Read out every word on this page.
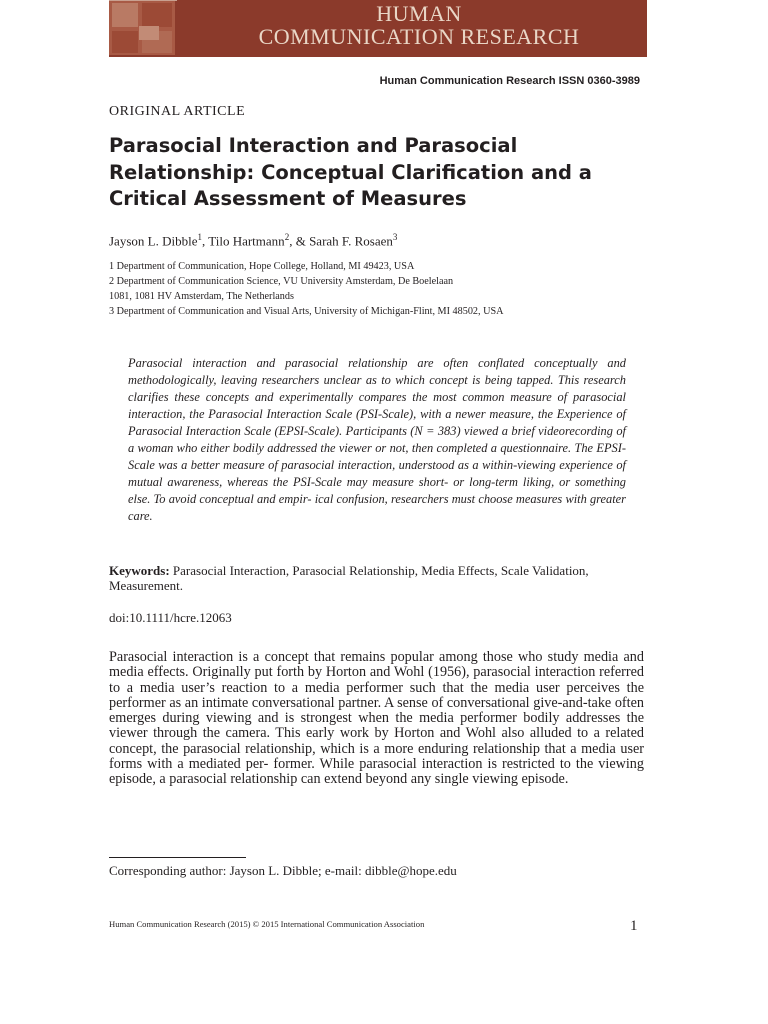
HUMAN
COMMUNICATION RESEARCH
Human Communication Research ISSN 0360-3989
ORIGINAL ARTICLE
Parasocial Interaction and Parasocial Relationship: Conceptual Clarification and a Critical Assessment of Measures
Jayson L. Dibble$^1$, Tilo Hartmann$^2$, & Sarah F. Rosaen$^3$
1 Department of Communication, Hope College, Holland, MI 49423, USA
2 Department of Communication Science, VU University Amsterdam, De Boelelaan
1081, 1081 HV Amsterdam, The Netherlands
3 Department of Communication and Visual Arts, University of Michigan-Flint, MI 48502, USA
Parasocial interaction and parasocial relationship are often conflated conceptually and methodologically, leaving researchers unclear as to which concept is being tapped. This research clarifies these concepts and experimentally compares the most common measure of parasocial interaction, the Parasocial Interaction Scale (PSI-Scale), with a newer measure, the Experience of Parasocial Interaction Scale (EPSI-Scale). Participants (N = 383) viewed a brief videorecording of a woman who either bodily addressed the viewer or not, then completed a questionnaire. The EPSI-Scale was a better measure of parasocial interaction, understood as a within-viewing experience of mutual awareness, whereas the PSI-Scale may measure short- or long-term liking, or something else. To avoid conceptual and empir- ical confusion, researchers must choose measures with greater care.
Keywords: Parasocial Interaction, Parasocial Relationship, Media Effects, Scale Validation, Measurement.
doi:10.1111/hcre.12063
Parasocial interaction is a concept that remains popular among those who study media and media effects. Originally put forth by Horton and Wohl (1956), parasocial interaction referred to a media user’s reaction to a media performer such that the media user perceives the performer as an intimate conversational partner. A sense of conversational give-and-take often emerges during viewing and is strongest when the media performer bodily addresses the viewer through the camera. This early work by Horton and Wohl also alluded to a related concept, the parasocial relationship, which is a more enduring relationship that a media user forms with a mediated per- former. While parasocial interaction is restricted to the viewing episode, a parasocial relationship can extend beyond any single viewing episode.
Corresponding author: Jayson L. Dibble; e-mail: dibble@hope.edu
Human Communication Research (2015) © 2015 International Communication Association	1
